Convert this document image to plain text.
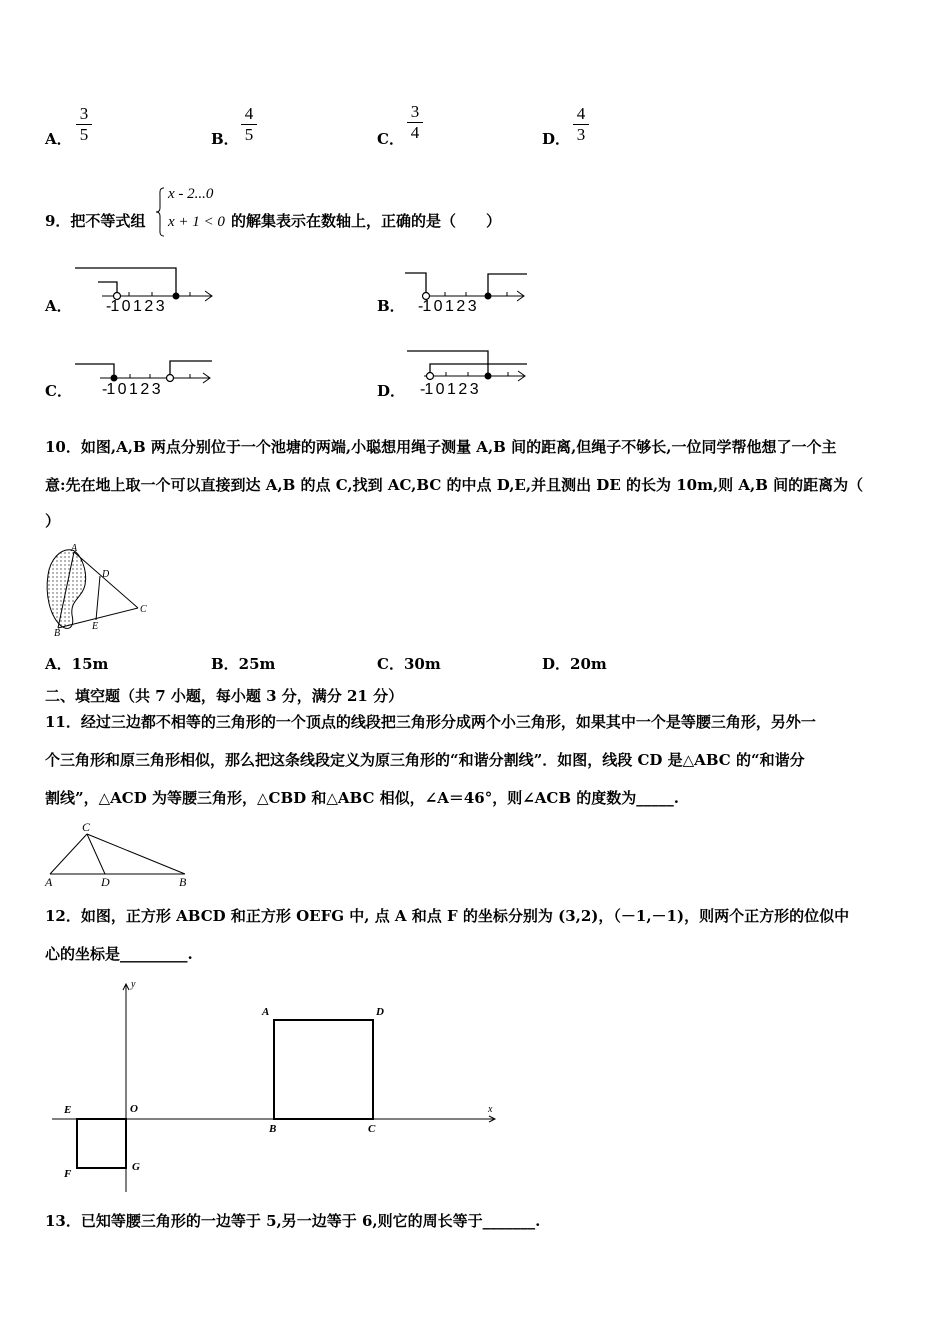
A．
3
5	B．
4
5	C．
3
4	D．
4
3
9．把不等式组
x - 2...0
x + 1 < 0 的解集表示在数轴上，正确的是（　　）
A． -1 0 1 2 3	B． -1 0 1 2 3
C． -1 0 1 2 3	D． -1 0 1 2 3
10．如图,A,B 两点分别位于一个池塘的两端,小聪想用绳子测量 A,B 间的距离,但绳子不够长,一位同学帮他想了一个主
意:先在地上取一个可以直接到达 A,B 的点 C,找到 AC,BC 的中点 D,E,并且测出 DE 的长为 10m,则 A,B 间的距离为（
）
A
D
C
E
B
A．15m	B．25m	C．30m	D．20m
二、填空题（共 7 小题，每小题 3 分，满分 21 分）
11．经过三边都不相等的三角形的一个顶点的线段把三角形分成两个小三角形，如果其中一个是等腰三角形，另外一
个三角形和原三角形相似，那么把这条线段定义为原三角形的“和谐分割线”．如图，线段 CD 是△ABC 的“和谐分
割线”，△ACD 为等腰三角形，△CBD 和△ABC 相似，∠A＝46°，则∠ACB 的度数为_____.
C
A	D	B
12．如图，正方形 ABCD 和正方形 OEFG 中, 点 A 和点 F 的坐标分别为 (3,2)，（－1,－1)，则两个正方形的位似中
心的坐标是_________.
y
x
A	D
B	C
O
E
F
G
13．已知等腰三角形的一边等于 5,另一边等于 6,则它的周长等于_______.
